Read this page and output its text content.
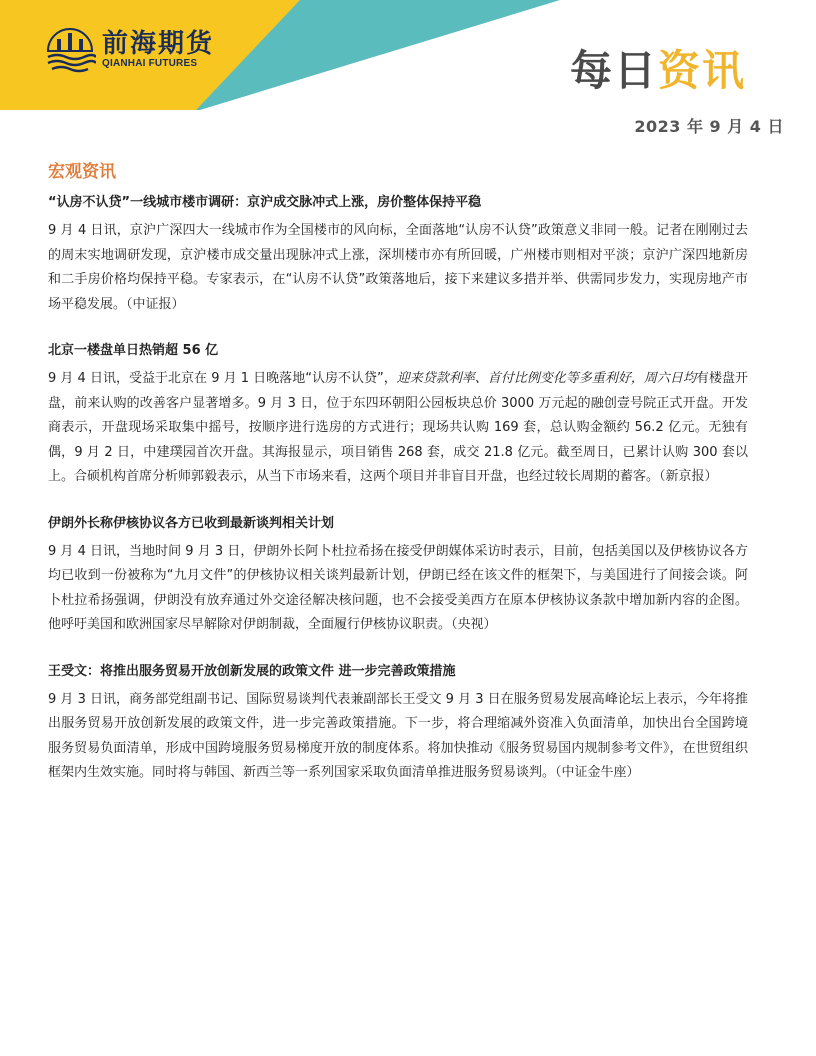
前海期货
QIANHAI FUTURES	每日资讯
2023 年 9 月 4 日
宏观资讯
“认房不认贷”一线城市楼市调研：京沪成交脉冲式上涨，房价整体保持平稳

9 月 4 日讯，京沪广深四大一线城市作为全国楼市的风向标，全面落地“认房不认贷”政策意义非同一般。记者在刚刚过去的周末实地调研发现，京沪楼市成交量出现脉冲式上涨，深圳楼市亦有所回暖，广州楼市则相对平淡；京沪广深四地新房和二手房价格均保持平稳。专家表示，在“认房不认贷”政策落地后，接下来建议多措并举、供需同步发力，实现房地产市场平稳发展。（中证报）

北京一楼盘单日热销超 56 亿

9 月 4 日讯，受益于北京在 9 月 1 日晚落地“认房不认贷”，迎来贷款利率、首付比例变化等多重利好，周六日均有楼盘开盘，前来认购的改善客户显著增多。9 月 3 日，位于东四环朝阳公园板块总价 3000 万元起的融创壹号院正式开盘。开发商表示，开盘现场采取集中摇号，按顺序进行选房的方式进行；现场共认购 169 套，总认购金额约 56.2 亿元。无独有偶，9 月 2 日，中建璞园首次开盘。其海报显示，项目销售 268 套，成交 21.8 亿元。截至周日，已累计认购 300 套以上。合硕机构首席分析师郭毅表示，从当下市场来看，这两个项目并非盲目开盘，也经过较长周期的蓄客。（新京报）

伊朗外长称伊核协议各方已收到最新谈判相关计划

9 月 4 日讯，当地时间 9 月 3 日，伊朗外长阿卜杜拉希扬在接受伊朗媒体采访时表示，目前，包括美国以及伊核协议各方均已收到一份被称为“九月文件”的伊核协议相关谈判最新计划，伊朗已经在该文件的框架下，与美国进行了间接会谈。阿卜杜拉希扬强调，伊朗没有放弃通过外交途径解决核问题，也不会接受美西方在原本伊核协议条款中增加新内容的企图。他呼吁美国和欧洲国家尽早解除对伊朗制裁，全面履行伊核协议职责。（央视）

王受文：将推出服务贸易开放创新发展的政策文件 进一步完善政策措施

9 月 3 日讯，商务部党组副书记、国际贸易谈判代表兼副部长王受文 9 月 3 日在服务贸易发展高峰论坛上表示，今年将推出服务贸易开放创新发展的政策文件，进一步完善政策措施。下一步，将合理缩减外资准入负面清单，加快出台全国跨境服务贸易负面清单，形成中国跨境服务贸易梯度开放的制度体系。将加快推动《服务贸易国内规制参考文件》，在世贸组织框架内生效实施。同时将与韩国、新西兰等一系列国家采取负面清单推进服务贸易谈判。（中证金牛座）
